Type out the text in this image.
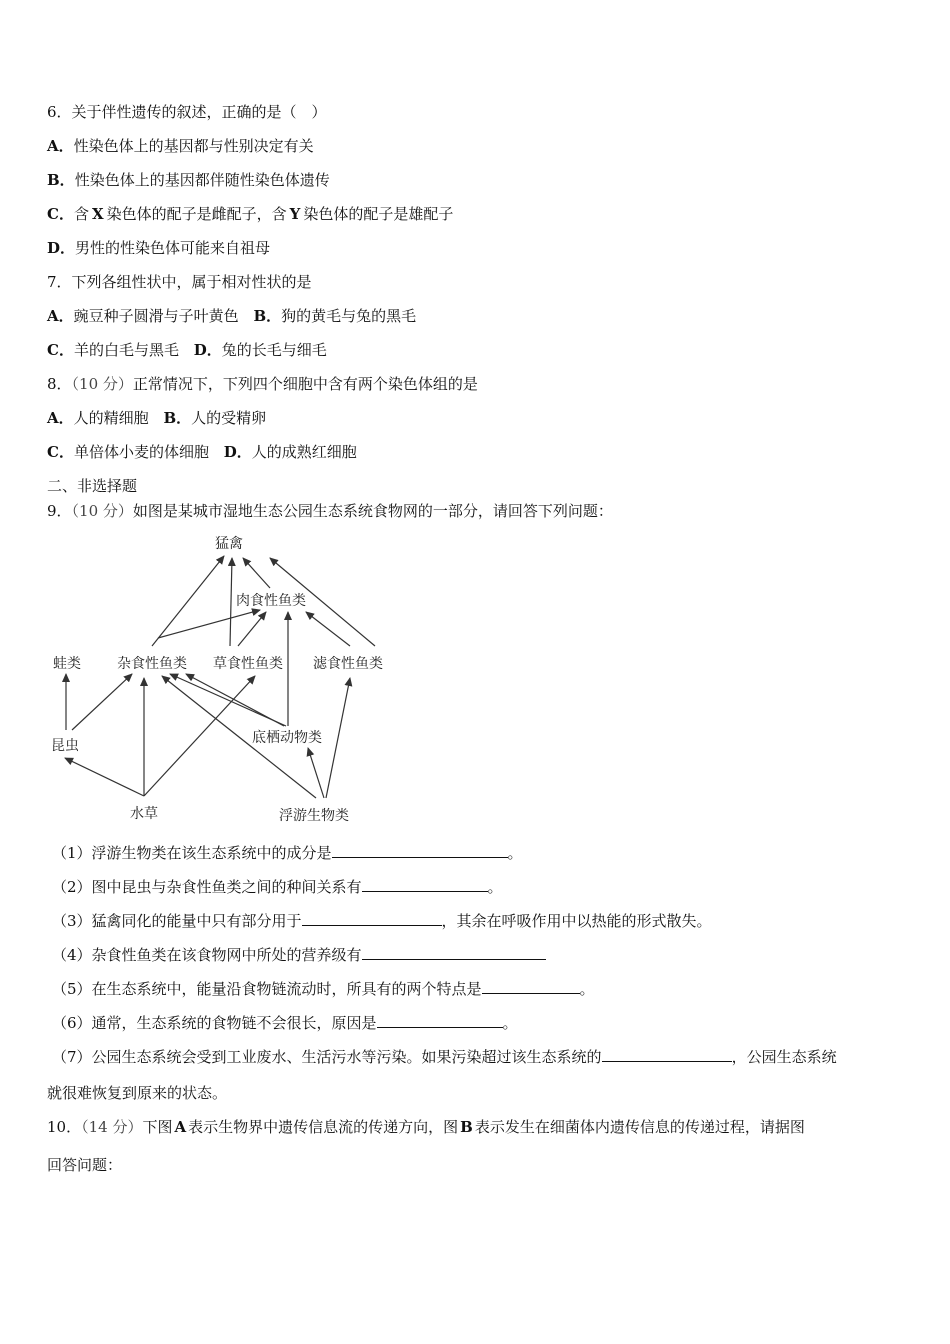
6．关于伴性遗传的叙述，正确的是（　）
A．性染色体上的基因都与性别决定有关
B．性染色体上的基因都伴随性染色体遗传
C．含 X 染色体的配子是雌配子，含 Y 染色体的配子是雄配子
D．男性的性染色体可能来自祖母
7．下列各组性状中，属于相对性状的是
A．豌豆种子圆滑与子叶黄色 B．狗的黄毛与兔的黑毛
C．羊的白毛与黑毛 D．兔的长毛与细毛
8．（10 分）正常情况下，下列四个细胞中含有两个染色体组的是
A．人的精细胞 B．人的受精卵
C．单倍体小麦的体细胞 D．人的成熟红细胞
二、非选择题
9．（10 分）如图是某城市湿地生态公园生态系统食物网的一部分，请回答下列问题：
猛禽
肉食性鱼类
蛙类	杂食性鱼类 草食性鱼类 滤食性鱼类
昆虫	底栖动物类
水草	浮游生物类
（1）浮游生物类在该生态系统中的成分是	。
（2）图中昆虫与杂食性鱼类之间的种间关系有	。
（3）猛禽同化的能量中只有部分用于	，其余在呼吸作用中以热能的形式散失。
（4）杂食性鱼类在该食物网中所处的营养级有
（5）在生态系统中，能量沿食物链流动时，所具有的两个特点是	。
（6）通常，生态系统的食物链不会很长，原因是	。
（7）公园生态系统会受到工业废水、生活污水等污染。如果污染超过该生态系统的	，公园生态系统
就很难恢复到原来的状态。
10．（14 分）下图 A 表示生物界中遗传信息流的传递方向，图 B 表示发生在细菌体内遗传信息的传递过程，请据图
回答问题：
